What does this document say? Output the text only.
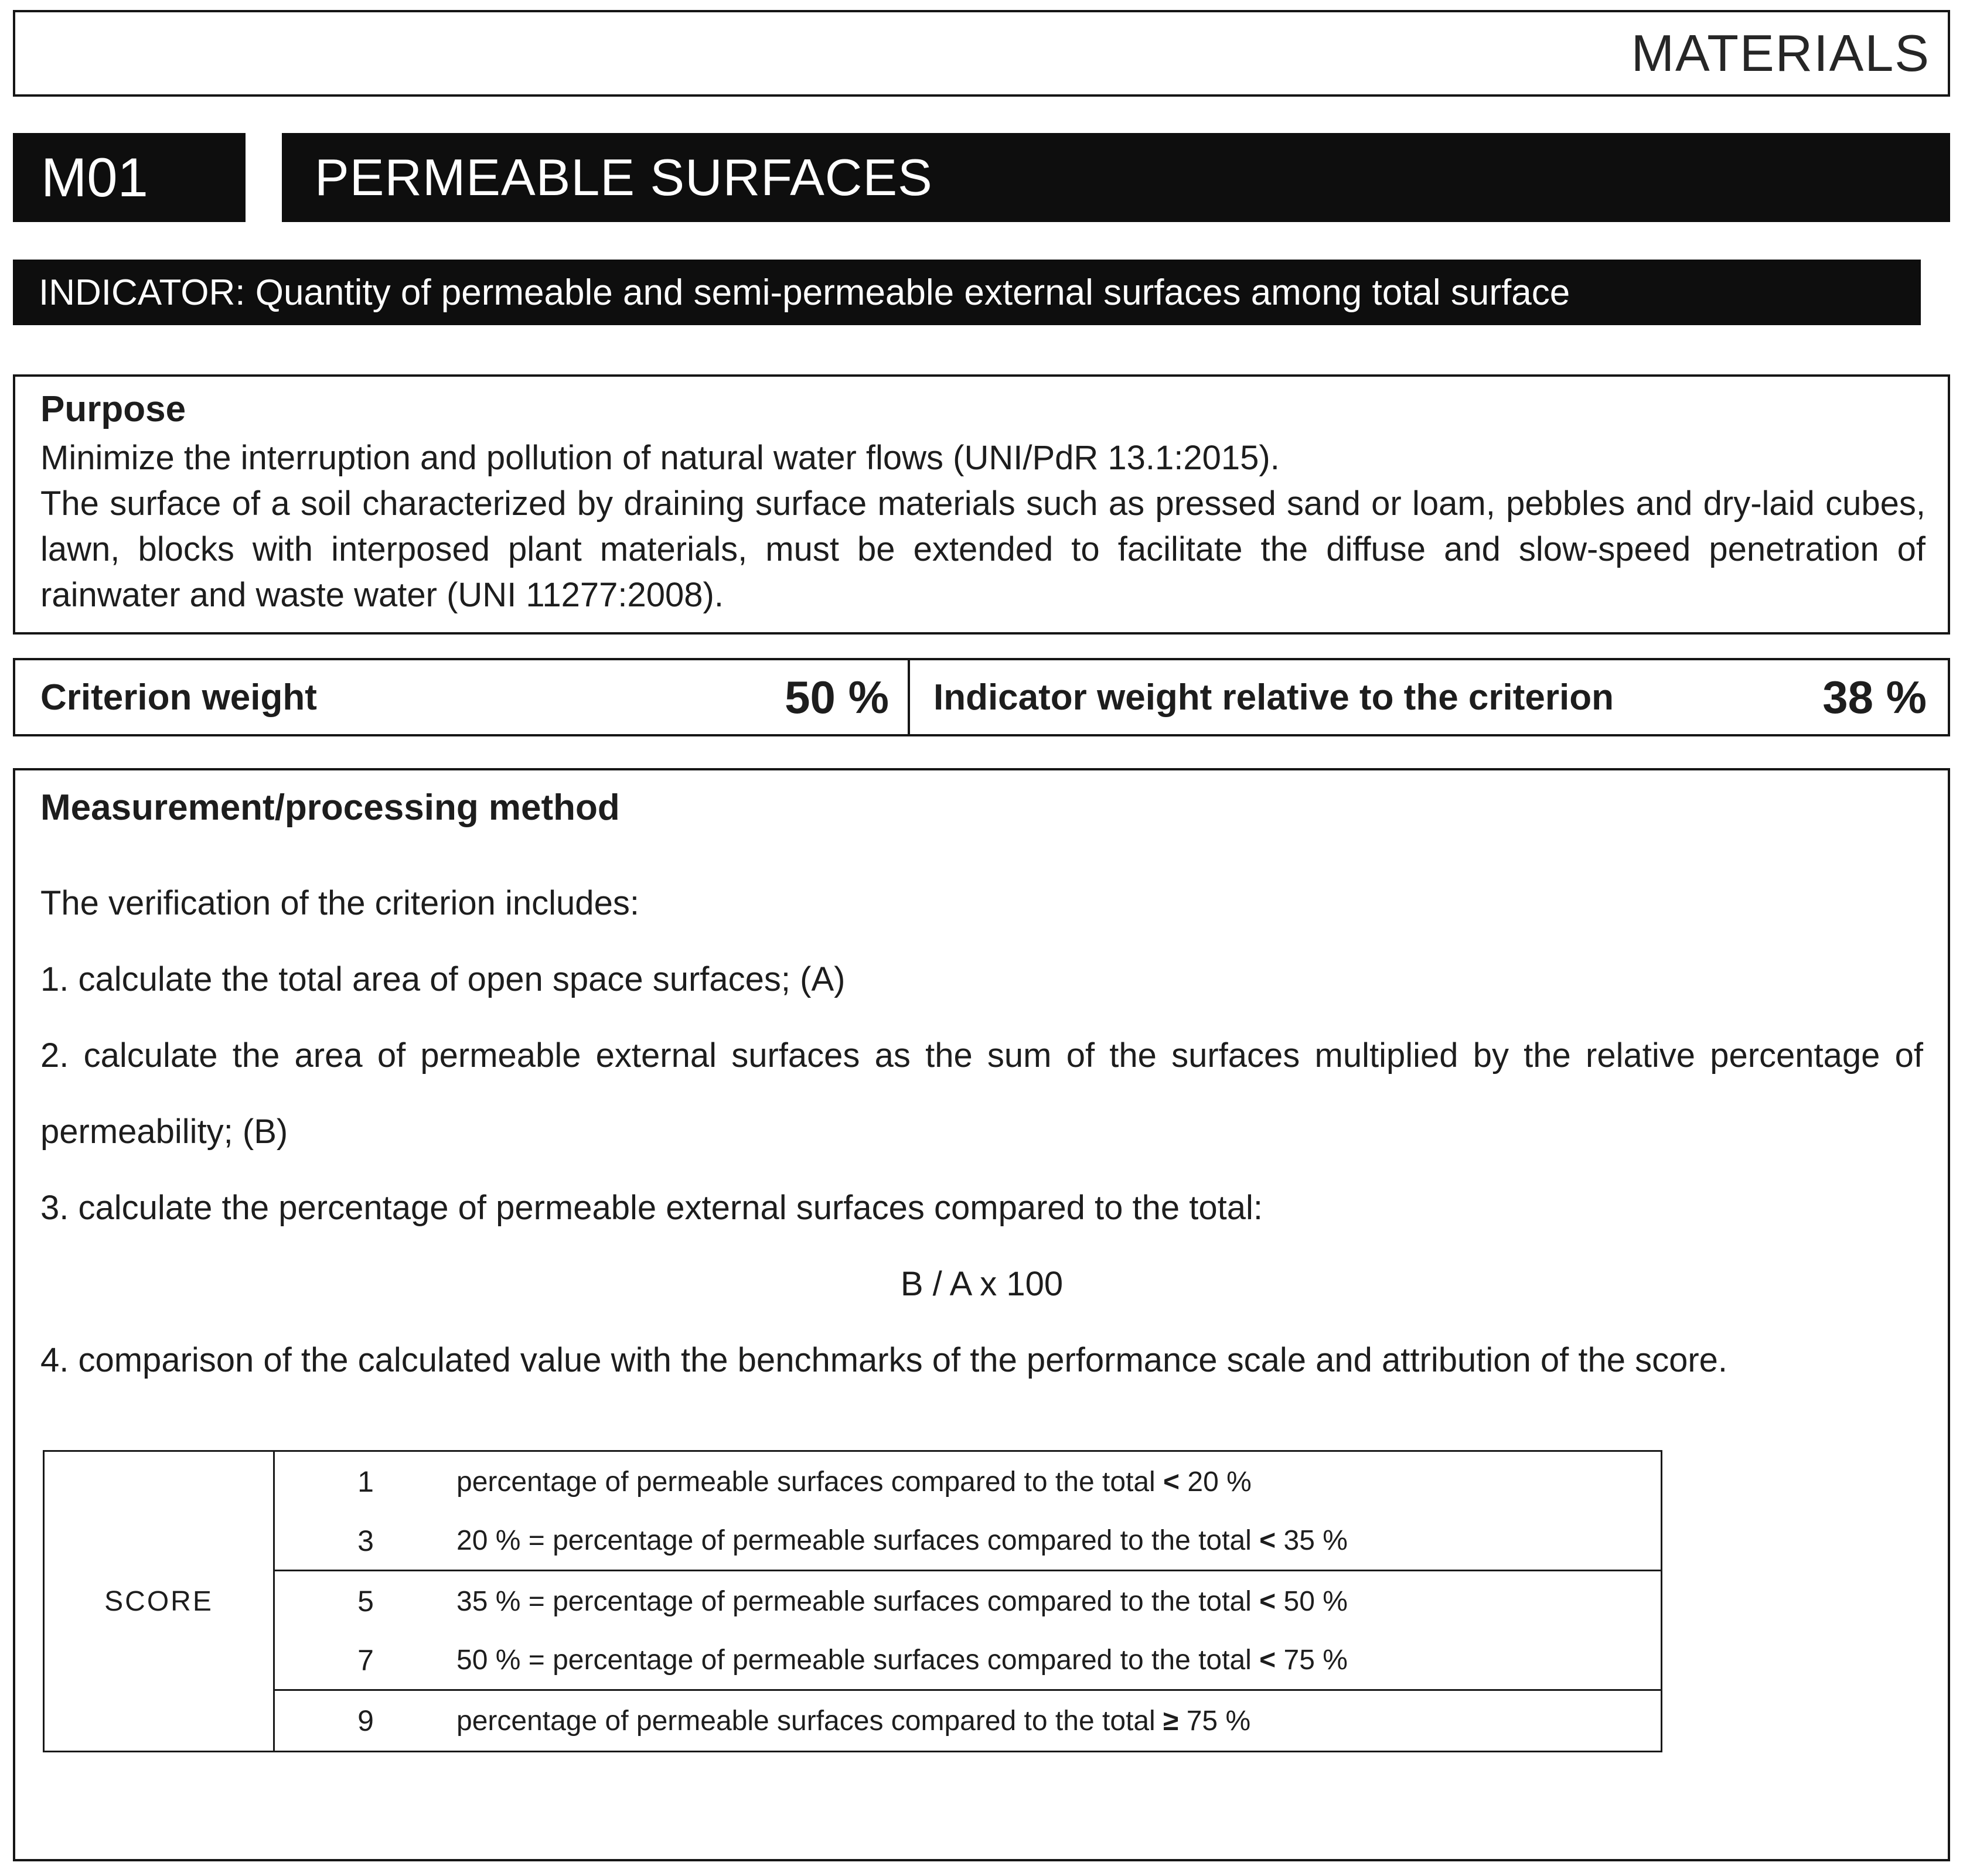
MATERIALS
M01	PERMEABLE SURFACES
INDICATOR: Quantity of permeable and semi-permeable external surfaces among total surface
Purpose

Minimize the interruption and pollution of natural water flows (UNI/PdR 13.1:2015).

The surface of a soil characterized by draining surface materials such as pressed sand or loam, pebbles and dry-laid cubes, lawn, blocks with interposed plant materials, must be extended to facilitate the diffuse and slow-speed penetration of rainwater and waste water (UNI 11277:2008).

Criterion weight	50 % Indicator weight relative to the criterion	38 %
Measurement/processing method

The verification of the criterion includes:

1. calculate the total area of open space surfaces; (A)

2. calculate the area of permeable external surfaces as the sum of the surfaces multiplied by the relative percentage of permeability; (B)

3. calculate the percentage of permeable external surfaces compared to the total:

B / A x 100

4. comparison of the calculated value with the benchmarks of the performance scale and attribution of the score.

SCORE
1	percentage of permeable surfaces compared to the total < 20 %
3	20 % = percentage of permeable surfaces compared to the total < 35 %
5	35 % = percentage of permeable surfaces compared to the total < 50 %
7	50 % = percentage of permeable surfaces compared to the total < 75 %
9	percentage of permeable surfaces compared to the total ≥ 75 %
